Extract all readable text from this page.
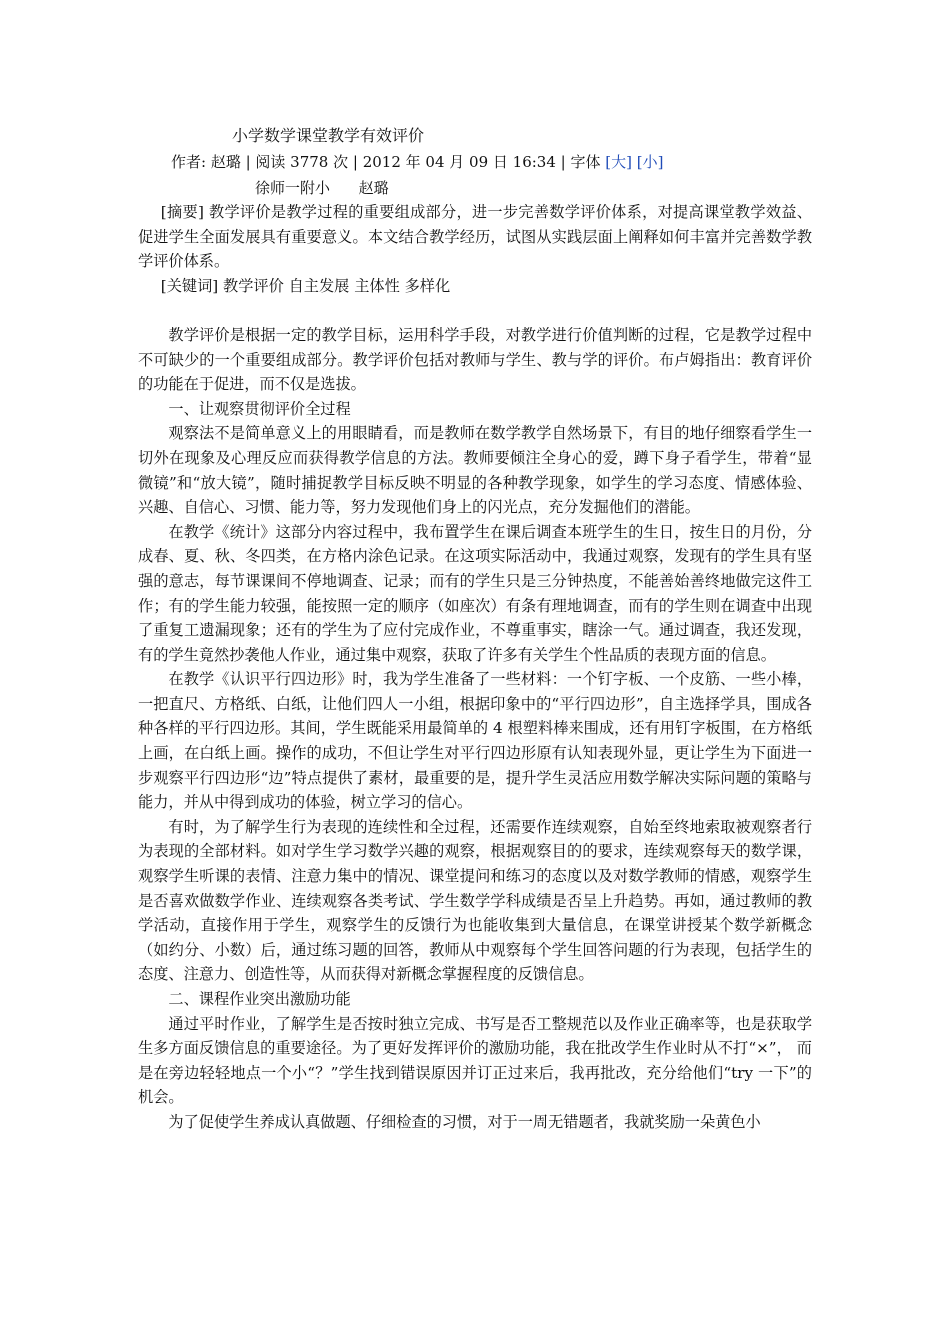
小学数学课堂教学有效评价
作者: 赵璐 | 阅读 3778 次 | 2012 年 04 月 09 日 16:34 | 字体 [大] [小]
徐师一附小      赵璐

[摘要] 教学评价是教学过程的重要组成部分，进一步完善数学评价体系，对提高课堂教学效益、促进学生全面发展具有重要意义。本文结合教学经历，试图从实践层面上阐释如何丰富并完善数学教学评价体系。

[关键词] 教学评价 自主发展 主体性 多样化

教学评价是根据一定的教学目标，运用科学手段，对教学进行价值判断的过程，它是教学过程中不可缺少的一个重要组成部分。教学评价包括对教师与学生、教与学的评价。布卢姆指出：教育评价的功能在于促进，而不仅是选拔。

一、让观察贯彻评价全过程

观察法不是简单意义上的用眼睛看，而是教师在数学教学自然场景下，有目的地仔细察看学生一切外在现象及心理反应而获得教学信息的方法。教师要倾注全身心的爱，蹲下身子看学生，带着“显微镜”和“放大镜”，随时捕捉教学目标反映不明显的各种教学现象，如学生的学习态度、情感体验、兴趣、自信心、习惯、能力等，努力发现他们身上的闪光点，充分发掘他们的潜能。

在教学《统计》这部分内容过程中，我布置学生在课后调查本班学生的生日，按生日的月份，分成春、夏、秋、冬四类，在方格内涂色记录。在这项实际活动中，我通过观察，发现有的学生具有坚强的意志，每节课课间不停地调查、记录；而有的学生只是三分钟热度，不能善始善终地做完这件工作；有的学生能力较强，能按照一定的顺序（如座次）有条有理地调查，而有的学生则在调查中出现了重复工遗漏现象；还有的学生为了应付完成作业，不尊重事实，瞎涂一气。通过调查，我还发现，有的学生竟然抄袭他人作业，通过集中观察，获取了许多有关学生个性品质的表现方面的信息。

在教学《认识平行四边形》时，我为学生准备了一些材料：一个钉字板、一个皮筋、一些小棒，一把直尺、方格纸、白纸，让他们四人一小组，根据印象中的“平行四边形”，自主选择学具，围成各种各样的平行四边形。其间，学生既能采用最简单的 4 根塑料棒来围成，还有用钉字板围，在方格纸上画，在白纸上画。操作的成功，不但让学生对平行四边形原有认知表现外显，更让学生为下面进一步观察平行四边形“边”特点提供了素材，最重要的是，提升学生灵活应用数学解决实际问题的策略与能力，并从中得到成功的体验，树立学习的信心。

有时，为了解学生行为表现的连续性和全过程，还需要作连续观察，自始至终地索取被观察者行为表现的全部材料。如对学生学习数学兴趣的观察，根据观察目的的要求，连续观察每天的数学课，观察学生听课的表情、注意力集中的情况、课堂提问和练习的态度以及对数学教师的情感，观察学生是否喜欢做数学作业、连续观察各类考试、学生数学学科成绩是否呈上升趋势。再如，通过教师的教学活动，直接作用于学生，观察学生的反馈行为也能收集到大量信息，在课堂讲授某个数学新概念（如约分、小数）后，通过练习题的回答，教师从中观察每个学生回答问题的行为表现，包括学生的态度、注意力、创造性等，从而获得对新概念掌握程度的反馈信息。

二、课程作业突出激励功能

通过平时作业，了解学生是否按时独立完成、书写是否工整规范以及作业正确率等，也是获取学生多方面反馈信息的重要途径。为了更好发挥评价的激励功能，我在批改学生作业时从不打“×”， 而是在旁边轻轻地点一个小“？”学生找到错误原因并订正过来后，我再批改，充分给他们“try 一下”的机会。

为了促使学生养成认真做题、仔细检查的习惯，对于一周无错题者，我就奖励一朵黄色小
